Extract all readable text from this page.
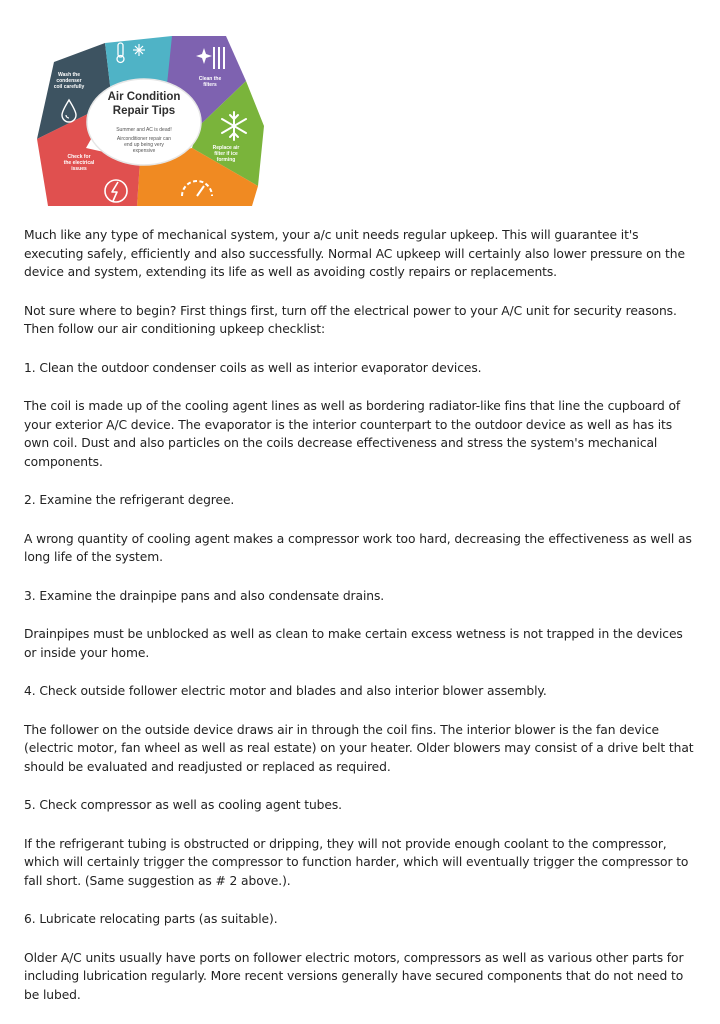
Air Condition
Repair Tips
Summer and AC is dead!
Airconditioner repair can
end up being very
expensive
Wash the
condenser
coil carefully
Clean the
filters
Replace air
filter if ice
forming
Check for
the electrical
issues

Much like any type of mechanical system, your a/c unit needs regular upkeep. This will guarantee it's executing safely, efficiently and also successfully. Normal AC upkeep will certainly also lower pressure on the device and system, extending its life as well as avoiding costly repairs or replacements.

Not sure where to begin? First things first, turn off the electrical power to your A/C unit for security reasons. Then follow our air conditioning upkeep checklist:

1. Clean the outdoor condenser coils as well as interior evaporator devices.

The coil is made up of the cooling agent lines as well as bordering radiator-like fins that line the cupboard of your exterior A/C device. The evaporator is the interior counterpart to the outdoor device as well as has its own coil. Dust and also particles on the coils decrease effectiveness and stress the system's mechanical components.

2. Examine the refrigerant degree.

A wrong quantity of cooling agent makes a compressor work too hard, decreasing the effectiveness as well as long life of the system.

3. Examine the drainpipe pans and also condensate drains.

Drainpipes must be unblocked as well as clean to make certain excess wetness is not trapped in the devices or inside your home.

4. Check outside follower electric motor and blades and also interior blower assembly.

The follower on the outside device draws air in through the coil fins. The interior blower is the fan device (electric motor, fan wheel as well as real estate) on your heater. Older blowers may consist of a drive belt that should be evaluated and readjusted or replaced as required.

5. Check compressor as well as cooling agent tubes.

If the refrigerant tubing is obstructed or dripping, they will not provide enough coolant to the compressor, which will certainly trigger the compressor to function harder, which will eventually trigger the compressor to fall short. (Same suggestion as # 2 above.).

6. Lubricate relocating parts (as suitable).

Older A/C units usually have ports on follower electric motors, compressors as well as various other parts for including lubrication regularly. More recent versions generally have secured components that do not need to be lubed.
